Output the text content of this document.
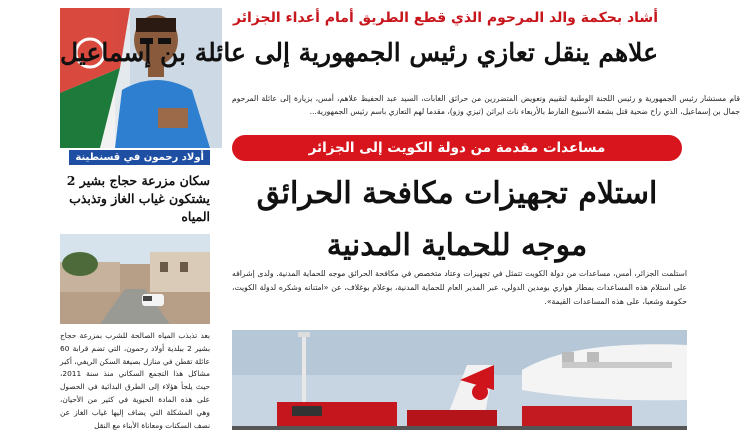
أشاد بحكمة والد المرحوم الذي قطع الطريق أمام أعداء الجزائر
علاهم ينقل تعازي رئيس الجمهورية إلى عائلة بن إسماعيل
قام مستشار رئيس الجمهورية و رئيس اللجنة الوطنية لتقييم وتعويض المتضررين من حرائق الغابات، السيد عبد الحفيظ علاهم، أمس، بزيارة إلى عائلة المرحوم جمال بن إسماعيل، الذي راح ضحية قتل بشعة الأسبوع الفارط بالأربعاء ناث ايراثن (تيزي وزو)، مقدما لهم التعازي باسم رئيس الجمهورية...
أولاد رحمون في قسنطينة
سكان مزرعة حجاج بشير 2 يشتكون غياب الغاز وتذبذب المياه
بعد تذبذب المياه الصالحة للشرب بمزرعة حجاج بشير 2 ببلدية أولاد رحمون، التي تضم قرابة 60 عائلة تقطن في منازل بصيغة السكن الريفي، أكبر مشاكل هذا التجمع السكاني منذ سنة 2011، حيث يلجأ هؤلاء إلى الطرق البدائية في الحصول على هذه المادة الحيوية في كثير من الأحيان، وهي المشكلة التي يضاف إليها غياب الغاز عن نصف السكنات ومعاناة الأبناء مع النقل
مساعدات مقدمة من دولة الكويت إلى الجزائر
استلام تجهيزات مكافحة الحرائق موجه للحماية المدنية
استلمت الجزائر، أمس، مساعدات من دولة الكويت تتمثل في تجهيزات وعتاد متخصص في مكافحة الحرائق موجه للحماية المدنية. ولدى إشرافه على استلام هذه المساعدات بمطار هواري بومدين الدولي، عبر المدير العام للحماية المدنية، بوعلام بوغلاف، عن «امتنانه وشكره لدولة الكويت، حكومة وشعبا، على هذه المساعدات القيمة».
